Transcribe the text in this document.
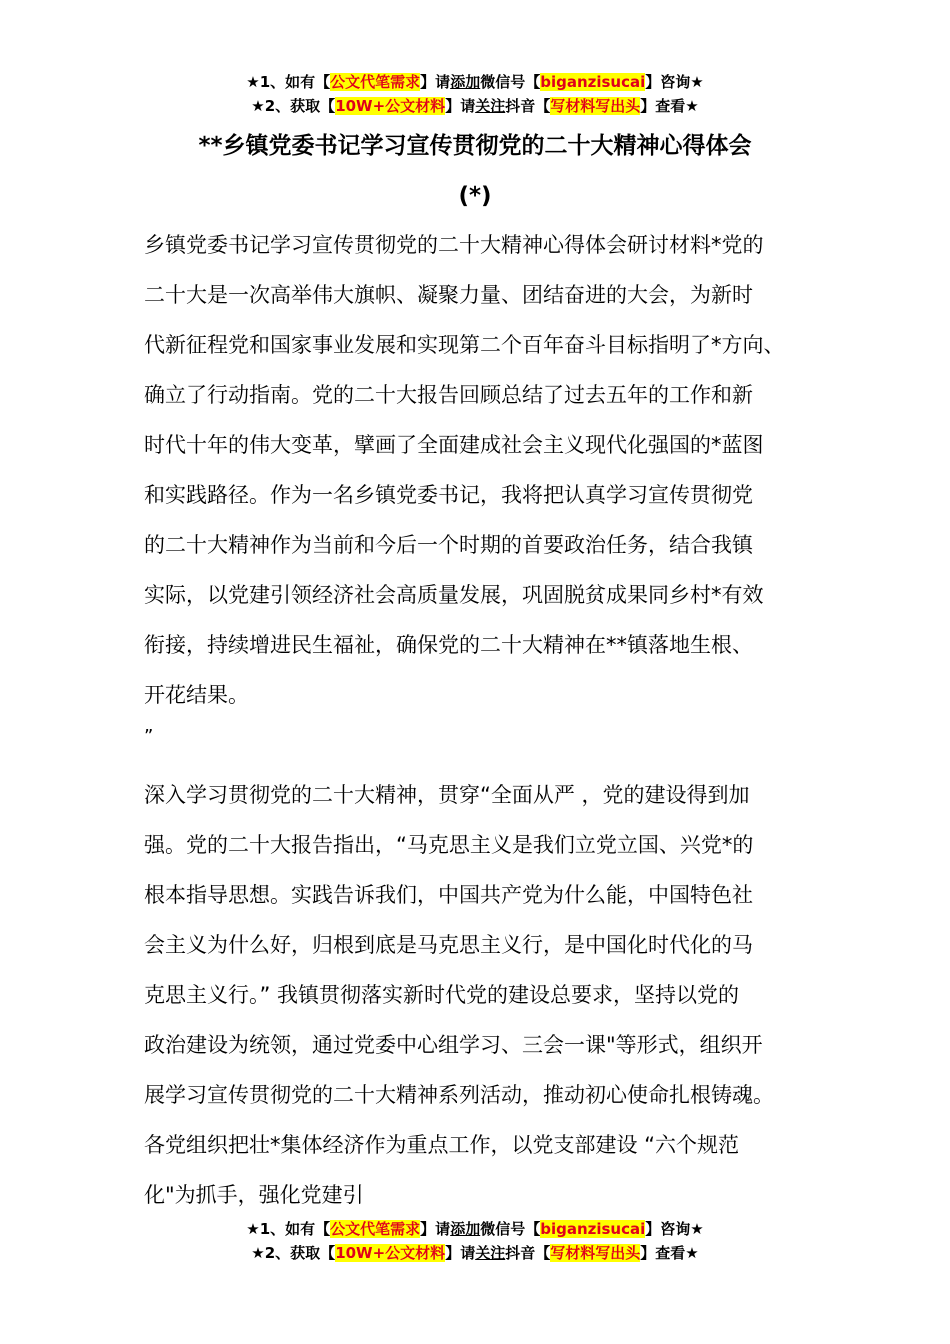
★1、如有【公文代笔需求】请添加微信号【biganzisucai】咨询★
★2、获取【10W+公文材料】请关注抖音【写材料写出头】查看★
**乡镇党委书记学习宣传贯彻党的二十大精神心得体会
(*)
乡镇党委书记学习宣传贯彻党的二十大精神心得体会研讨材料*党的
二十大是一次高举伟大旗帜、凝聚力量、团结奋进的大会，为新时
代新征程党和国家事业发展和实现第二个百年奋斗目标指明了*方向、
确立了行动指南。党的二十大报告回顾总结了过去五年的工作和新
时代十年的伟大变革，擘画了全面建成社会主义现代化强国的*蓝图
和实践路径。作为一名乡镇党委书记，我将把认真学习宣传贯彻党
的二十大精神作为当前和今后一个时期的首要政治任务，结合我镇
实际，以党建引领经济社会高质量发展，巩固脱贫成果同乡村*有效
衔接，持续增进民生福祉，确保党的二十大精神在**镇落地生根、
开花结果。
”
深入学习贯彻党的二十大精神，贯穿“全面从严 ，党的建设得到加
强。党的二十大报告指出，“马克思主义是我们立党立国、兴党*的
根本指导思想。实践告诉我们，中国共产党为什么能，中国特色社
会主义为什么好，归根到底是马克思主义行，是中国化时代化的马
克思主义行。” 我镇贯彻落实新时代党的建设总要求，坚持以党的
政治建设为统领，通过党委中心组学习、三会一课"等形式，组织开
展学习宣传贯彻党的二十大精神系列活动，推动初心使命扎根铸魂。
各党组织把壮*集体经济作为重点工作，以党支部建设 “六个规范
化"为抓手，强化党建引
★1、如有【公文代笔需求】请添加微信号【biganzisucai】咨询★
★2、获取【10W+公文材料】请关注抖音【写材料写出头】查看★
